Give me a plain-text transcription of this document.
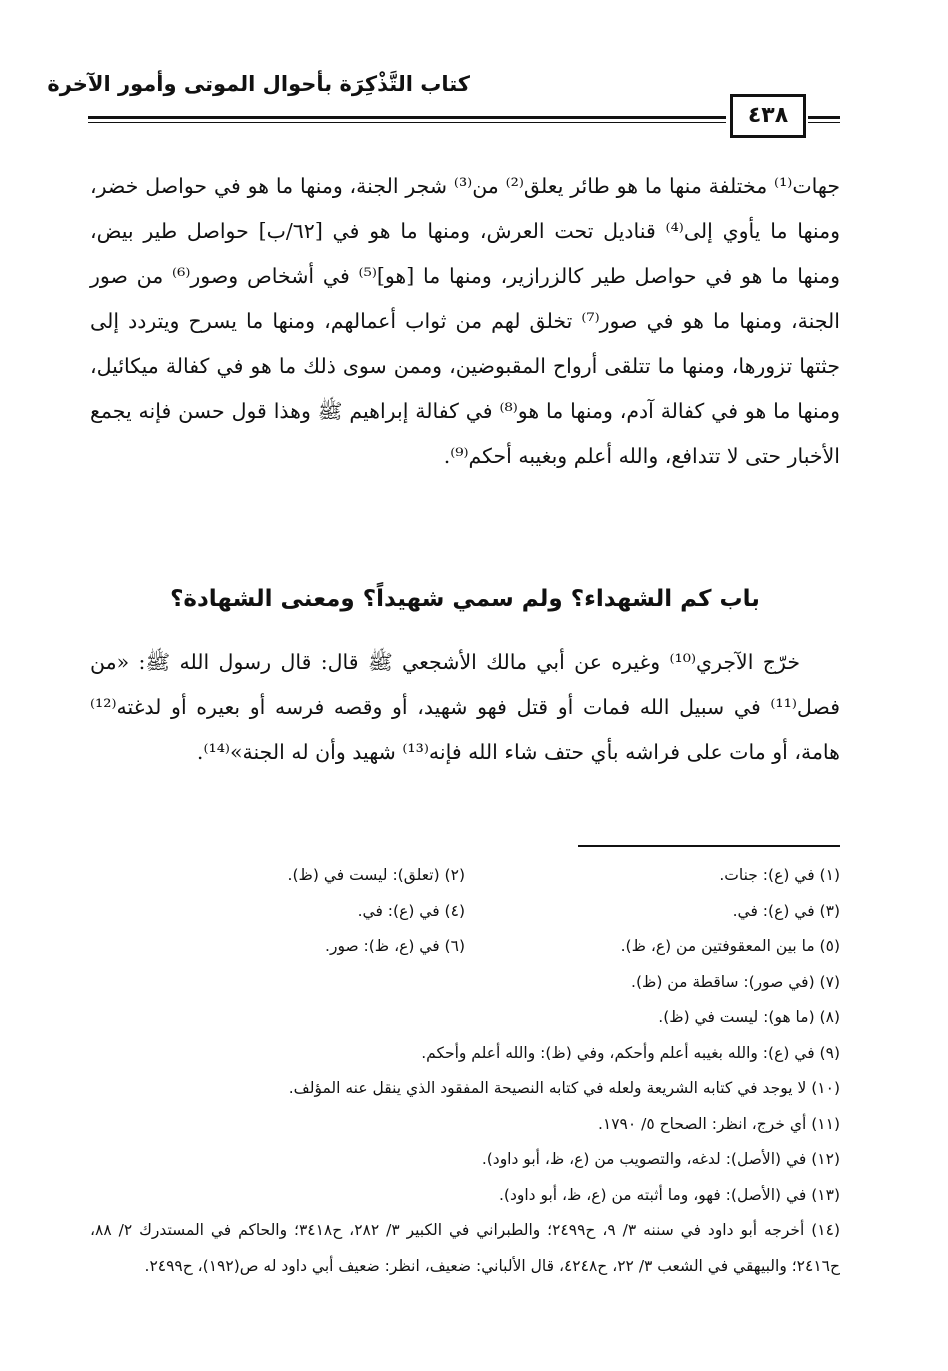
كتاب التَّذْكِرَة بأحوال الموتى وأمور الآخرة
٤٣٨

جهات⁽¹⁾ مختلفة منها ما هو طائر يعلق⁽²⁾ من⁽³⁾ شجر الجنة، ومنها ما هو في حواصل خضر، ومنها ما يأوي إلى⁽⁴⁾ قناديل تحت العرش، ومنها ما هو في [٦٢/ب] حواصل طير بيض، ومنها ما هو في حواصل طير كالزرازير، ومنها ما [هو]⁽⁵⁾ في أشخاص وصور⁽⁶⁾ من صور الجنة، ومنها ما هو في صور⁽⁷⁾ تخلق لهم من ثواب أعمالهم، ومنها ما يسرح ويتردد إلى جثتها تزورها، ومنها ما تتلقى أرواح المقبوضين، وممن سوى ذلك ما هو في كفالة ميكائيل، ومنها ما هو في كفالة آدم، ومنها ما هو⁽⁸⁾ في كفالة إبراهيم ﷺ وهذا قول حسن فإنه يجمع الأخبار حتى لا تتدافع، والله أعلم وبغيبه أحكم⁽⁹⁾.

باب كم الشهداء؟ ولم سمي شهيداً؟ ومعنى الشهادة؟

خرّج الآجري⁽¹⁰⁾ وغيره عن أبي مالك الأشجعي ﷺ قال: قال رسول الله ﷺ: «من فصل⁽¹¹⁾ في سبيل الله فمات أو قتل فهو شهيد، أو وقصه فرسه أو بعيره أو لدغته⁽¹²⁾ هامة، أو مات على فراشه بأي حتف شاء الله فإنه⁽¹³⁾ شهيد وأن له الجنة»⁽¹⁴⁾.

(١) في (ع): جنات.
(٢) (تعلق): ليست في (ظ).
(٣) في (ع): في.
(٤) في (ع): في.
(٥) ما بين المعقوفتين من (ع، ظ).
(٦) في (ع، ظ): صور.
(٧) (في صور): ساقطة من (ظ).
(٨) (ما هو): ليست في (ظ).
(٩) في (ع): والله بغيبه أعلم وأحكم، وفي (ظ): والله أعلم وأحكم.
(١٠) لا يوجد في كتابه الشريعة ولعله في كتابه النصيحة المفقود الذي ينقل عنه المؤلف.
(١١) أي خرج، انظر: الصحاح ٥/ ١٧٩٠.
(١٢) في (الأصل): لدغه، والتصويب من (ع، ظ، أبو داود).
(١٣) في (الأصل): فهو، وما أثبته من (ع، ظ، أبو داود).
(١٤) أخرجه أبو داود في سننه ٣/ ٩، ح٢٤٩٩؛ والطبراني في الكبير ٣/ ٢٨٢، ح٣٤١٨؛ والحاكم في المستدرك ٢/ ٨٨، ح٢٤١٦؛ والبيهقي في الشعب ٣/ ٢٢، ح٤٢٤٨، قال الألباني: ضعيف، انظر: ضعيف أبي داود له ص(١٩٢)، ح٢٤٩٩.
